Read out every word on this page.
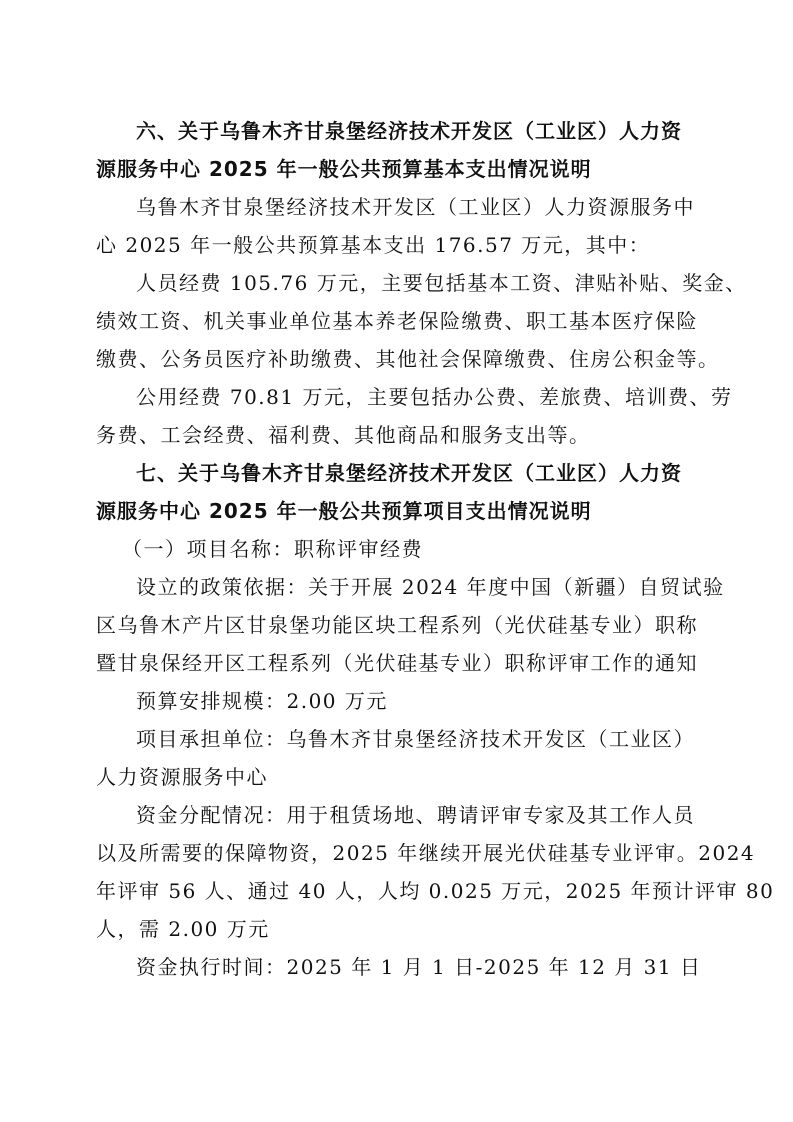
六、关于乌鲁木齐甘泉堡经济技术开发区（工业区）人力资
源服务中心 2025 年一般公共预算基本支出情况说明
乌鲁木齐甘泉堡经济技术开发区（工业区）人力资源服务中
心 2025 年一般公共预算基本支出 176.57 万元，其中：
人员经费 105.76 万元，主要包括基本工资、津贴补贴、奖金、
绩效工资、机关事业单位基本养老保险缴费、职工基本医疗保险
缴费、公务员医疗补助缴费、其他社会保障缴费、住房公积金等。
公用经费 70.81 万元，主要包括办公费、差旅费、培训费、劳
务费、工会经费、福利费、其他商品和服务支出等。
七、关于乌鲁木齐甘泉堡经济技术开发区（工业区）人力资
源服务中心 2025 年一般公共预算项目支出情况说明
（一）项目名称：职称评审经费
设立的政策依据：关于开展 2024 年度中国（新疆）自贸试验
区乌鲁木产片区甘泉堡功能区块工程系列（光伏硅基专业）职称
暨甘泉保经开区工程系列（光伏硅基专业）职称评审工作的通知
预算安排规模：2.00 万元
项目承担单位：乌鲁木齐甘泉堡经济技术开发区（工业区）
人力资源服务中心
资金分配情况：用于租赁场地、聘请评审专家及其工作人员
以及所需要的保障物资，2025 年继续开展光伏硅基专业评审。2024
年评审 56 人、通过 40 人，人均 0.025 万元，2025 年预计评审 80
人，需 2.00 万元
资金执行时间：2025 年 1 月 1 日-2025 年 12 月 31 日
